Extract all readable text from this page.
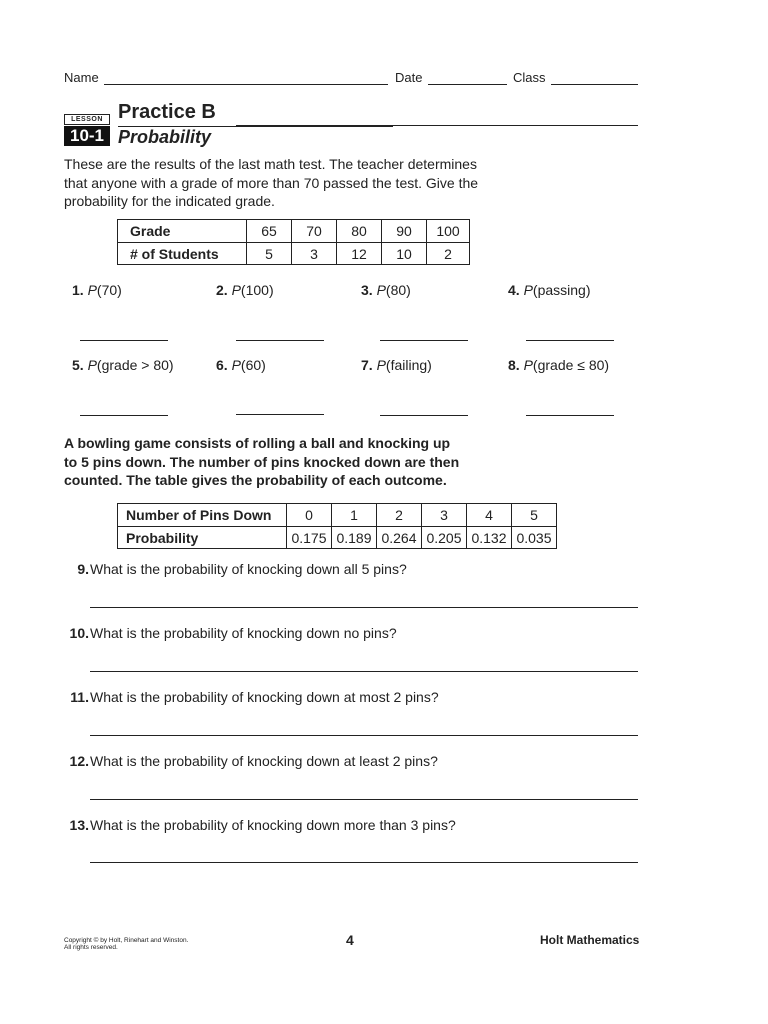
Name	Date	Class
LESSON
10-1
Practice B
Probability
These are the results of the last math test. The teacher determines
that anyone with a grade of more than 70 passed the test. Give the
probability for the indicated grade.
Grade	65	70	80	90	100
# of Students	5	3	12	10	2
1. P(70)	2. P(100)	3. P(80)	4. P(passing)
5. P(grade > 80)	6. P(60)	7. P(failing)	8. P(grade ≤ 80)
A bowling game consists of rolling a ball and knocking up
to 5 pins down. The number of pins knocked down are then
counted. The table gives the probability of each outcome.
Number of Pins Down	0	1	2	3	4	5
Probability	0.175	0.189	0.264	0.205	0.132	0.035
9.What is the probability of knocking down all 5 pins?
10.What is the probability of knocking down no pins?
11.What is the probability of knocking down at most 2 pins?
12.What is the probability of knocking down at least 2 pins?
13.What is the probability of knocking down more than 3 pins?
Copyright © by Holt, Rinehart and Winston.
All rights reserved.	4	Holt Mathematics
